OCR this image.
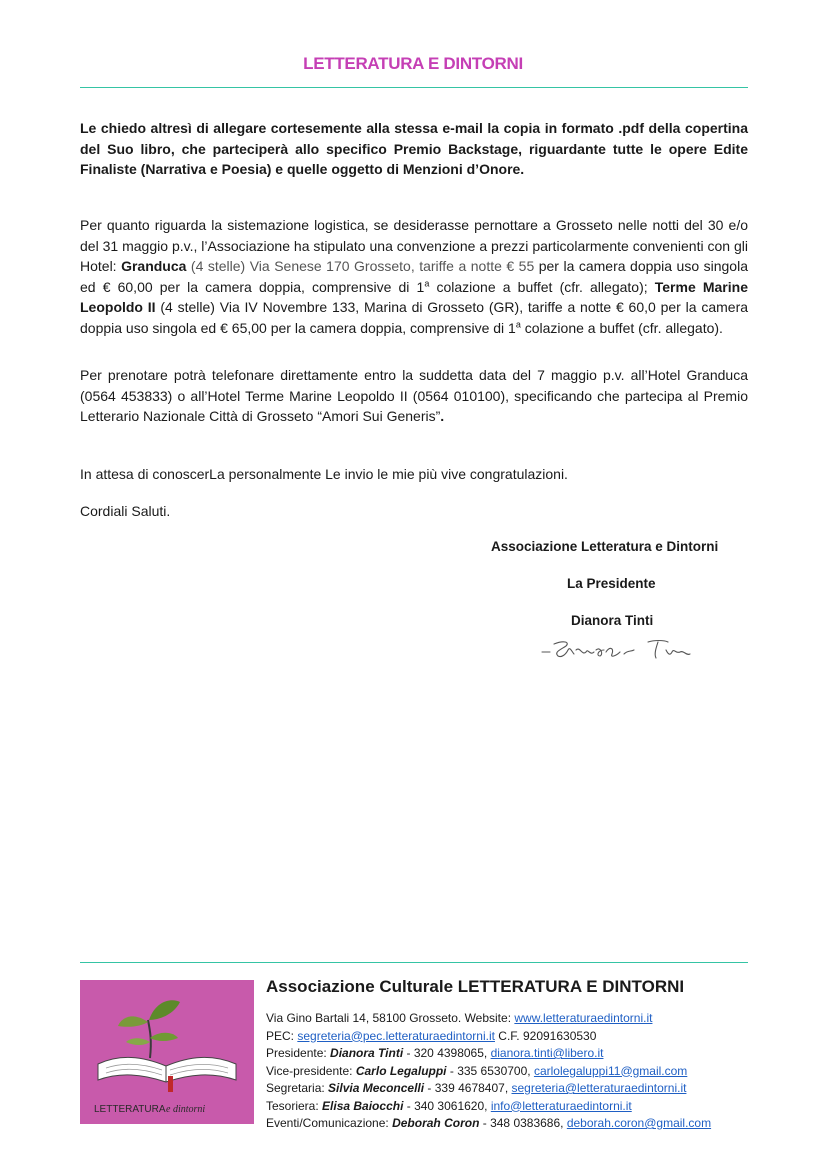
LETTERATURA E DINTORNI
Le chiedo altresì di allegare cortesemente alla stessa e-mail la copia in formato .pdf della copertina del Suo libro, che parteciperà allo specifico Premio Backstage, riguardante tutte le opere Edite Finaliste (Narrativa e Poesia) e quelle oggetto di Menzioni d’Onore.
Per quanto riguarda la sistemazione logistica, se desiderasse pernottare a Grosseto nelle notti del 30 e/o del 31 maggio p.v., l’Associazione ha stipulato una convenzione a prezzi particolarmente convenienti con gli Hotel: Granduca (4 stelle) Via Senese 170 Grosseto, tariffe a notte € 55 per la camera doppia uso singola ed € 60,00 per la camera doppia, comprensive di 1$^a$ colazione a buffet (cfr. allegato); Terme Marine Leopoldo II (4 stelle) Via IV Novembre 133, Marina di Grosseto (GR), tariffe a notte € 60,0 per la camera doppia uso singola ed € 65,00 per la camera doppia, comprensive di 1$^a$ colazione a buffet (cfr. allegato).
Per prenotare potrà telefonare direttamente entro la suddetta data del 7 maggio p.v. all’Hotel Granduca (0564 453833) o all’Hotel Terme Marine Leopoldo II (0564 010100), specificando che partecipa al Premio Letterario Nazionale Città di Grosseto “Amori Sui Generis”.
In attesa di conoscerLa personalmente Le invio le mie più vive congratulazioni.
Cordiali Saluti.
Associazione Letteratura e Dintorni
La Presidente
Dianora Tinti
LETTERATURA e dintorni
Associazione Culturale LETTERATURA E DINTORNI
Via Gino Bartali 14, 58100 Grosseto. Website: www.letteraturaedintorni.it
PEC: segreteria@pec.letteraturaedintorni.it C.F. 92091630530
Presidente: Dianora Tinti - 320 4398065, dianora.tinti@libero.it
Vice-presidente: Carlo Legaluppi - 335 6530700, carlolegaluppi11@gmail.com
Segretaria: Silvia Meconcelli - 339 4678407, segreteria@letteraturaedintorni.it
Tesoriera: Elisa Baiocchi - 340 3061620, info@letteraturaedintorni.it
Eventi/Comunicazione: Deborah Coron - 348 0383686, deborah.coron@gmail.com
